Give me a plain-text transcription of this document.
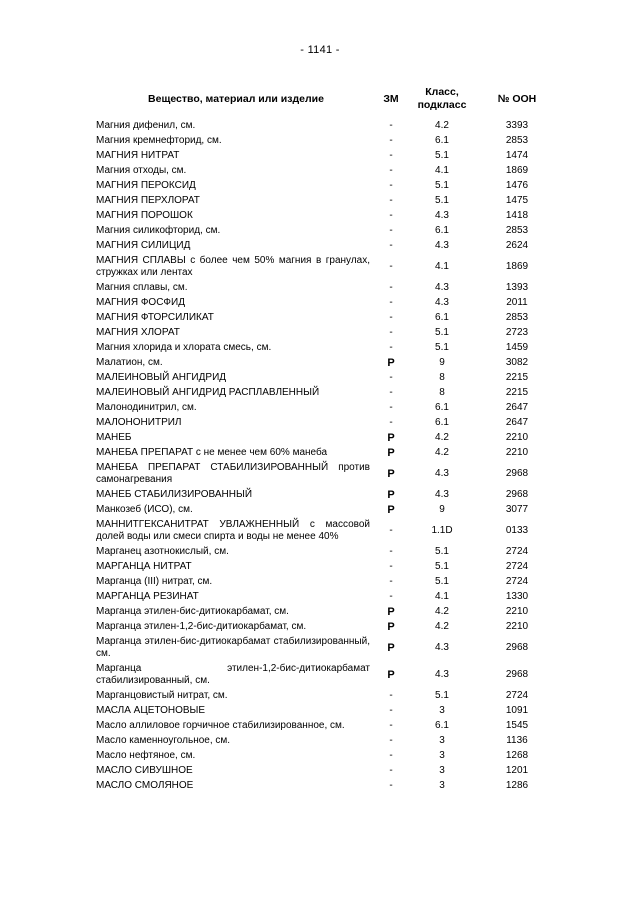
- 1141 -
Вещество, материал или изделие	ЗМ	Класс, подкласс	№ ООН
Магния дифенил, см.	-	4.2	3393
Магния кремнефторид, см.	-	6.1	2853
МАГНИЯ НИТРАТ	-	5.1	1474
Магния отходы, см.	-	4.1	1869
МАГНИЯ ПЕРОКСИД	-	5.1	1476
МАГНИЯ ПЕРХЛОРАТ	-	5.1	1475
МАГНИЯ ПОРОШОК	-	4.3	1418
Магния силикофторид, см.	-	6.1	2853
МАГНИЯ СИЛИЦИД	-	4.3	2624
МАГНИЯ СПЛАВЫ с более чем 50% магния в гранулах, стружках или лентах	-	4.1	1869
Магния сплавы, см.	-	4.3	1393
МАГНИЯ ФОСФИД	-	4.3	2011
МАГНИЯ ФТОРСИЛИКАТ	-	6.1	2853
МАГНИЯ ХЛОРАТ	-	5.1	2723
Магния хлорида и хлората смесь, см.	-	5.1	1459
Малатион, см.	P	9	3082
МАЛЕИНОВЫЙ АНГИДРИД	-	8	2215
МАЛЕИНОВЫЙ АНГИДРИД РАСПЛАВЛЕННЫЙ	-	8	2215
Малонодинитрил, см.	-	6.1	2647
МАЛОНОНИТРИЛ	-	6.1	2647
МАНЕБ	P	4.2	2210
МАНЕБА ПРЕПАРАТ с не менее чем 60% манеба	P	4.2	2210
МАНЕБА ПРЕПАРАТ СТАБИЛИЗИРОВАННЫЙ против самонагревания	P	4.3	2968
МАНЕБ СТАБИЛИЗИРОВАННЫЙ	P	4.3	2968
Манкозеб (ИСО), см.	P	9	3077
МАННИТГЕКСАНИТРАТ УВЛАЖНЕННЫЙ с массовой долей воды или смеси спирта и воды не менее 40%	-	1.1D	0133
Марганец азотнокислый, см.	-	5.1	2724
МАРГАНЦА НИТРАТ	-	5.1	2724
Марганца (III) нитрат, см.	-	5.1	2724
МАРГАНЦА РЕЗИНАТ	-	4.1	1330
Марганца этилен-бис-дитиокарбамат, см.	P	4.2	2210
Марганца этилен-1,2-бис-дитиокарбамат, см.	P	4.2	2210
Марганца этилен-бис-дитиокарбамат стабилизированный, см.	P	4.3	2968
Марганца этилен-1,2-бис-дитиокарбамат стабилизированный, см.	P	4.3	2968
Марганцовистый нитрат, см.	-	5.1	2724
МАСЛА АЦЕТОНОВЫЕ	-	3	1091
Масло аллиловое горчичное стабилизированное, см.	-	6.1	1545
Масло каменноугольное, см.	-	3	1136
Масло нефтяное, см.	-	3	1268
МАСЛО СИВУШНОЕ	-	3	1201
МАСЛО СМОЛЯНОЕ	-	3	1286
